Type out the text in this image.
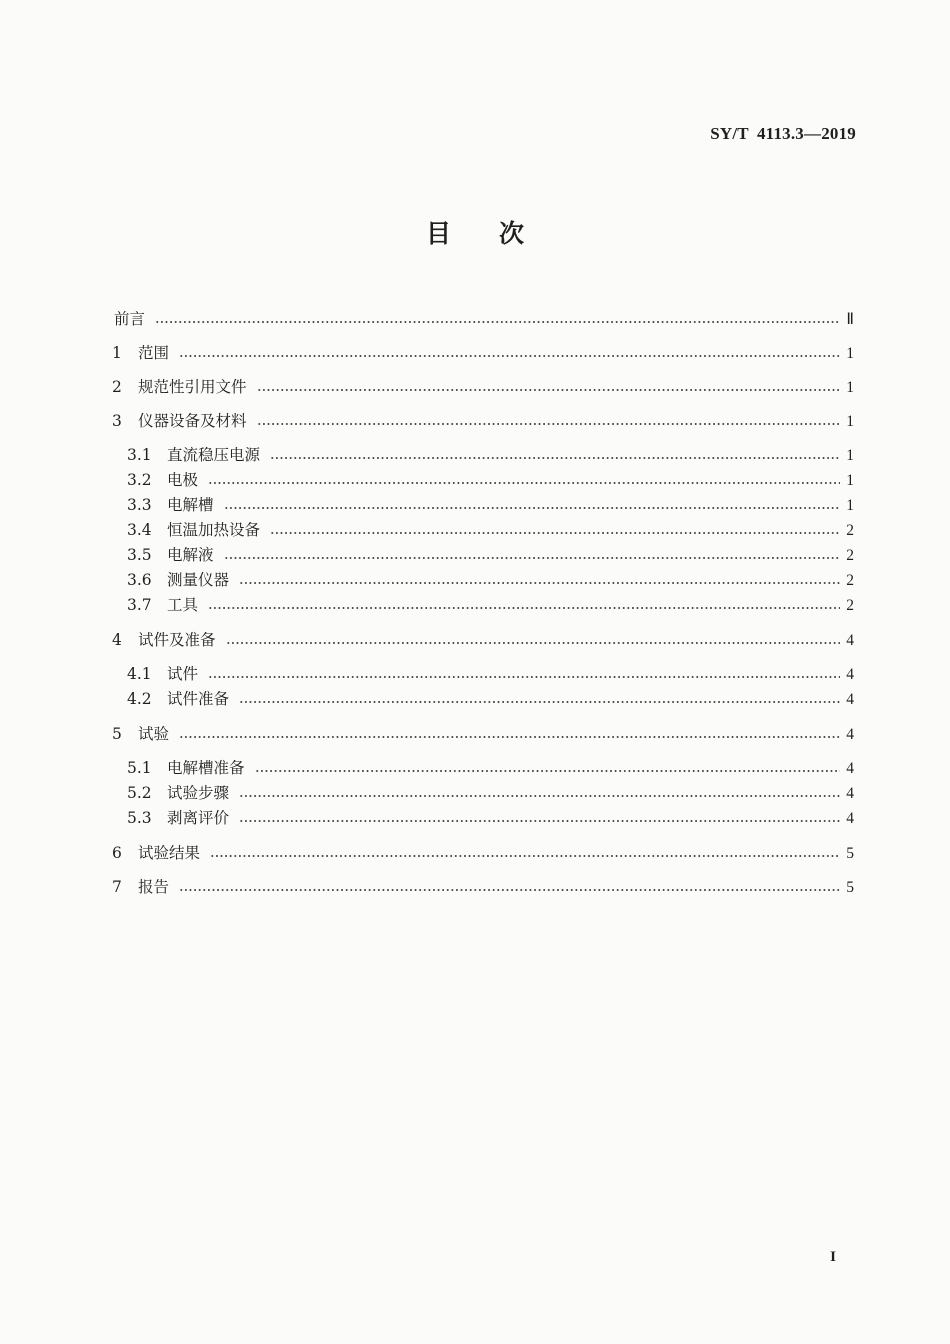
SY/T 4113.3—2019
目次
前言	Ⅱ
1	范围	1
2	规范性引用文件	1
3	仪器设备及材料	1
3.1 直流稳压电源	1
3.2 电极	1
3.3 电解槽	1
3.4 恒温加热设备	2
3.5 电解液	2
3.6 测量仪器	2
3.7 工具	2
4	试件及准备	4
4.1 试件	4
4.2 试件准备	4
5	试验	4
5.1 电解槽准备	4
5.2 试验步骤	4
5.3 剥离评价	4
6	试验结果	5
7	报告	5
I
